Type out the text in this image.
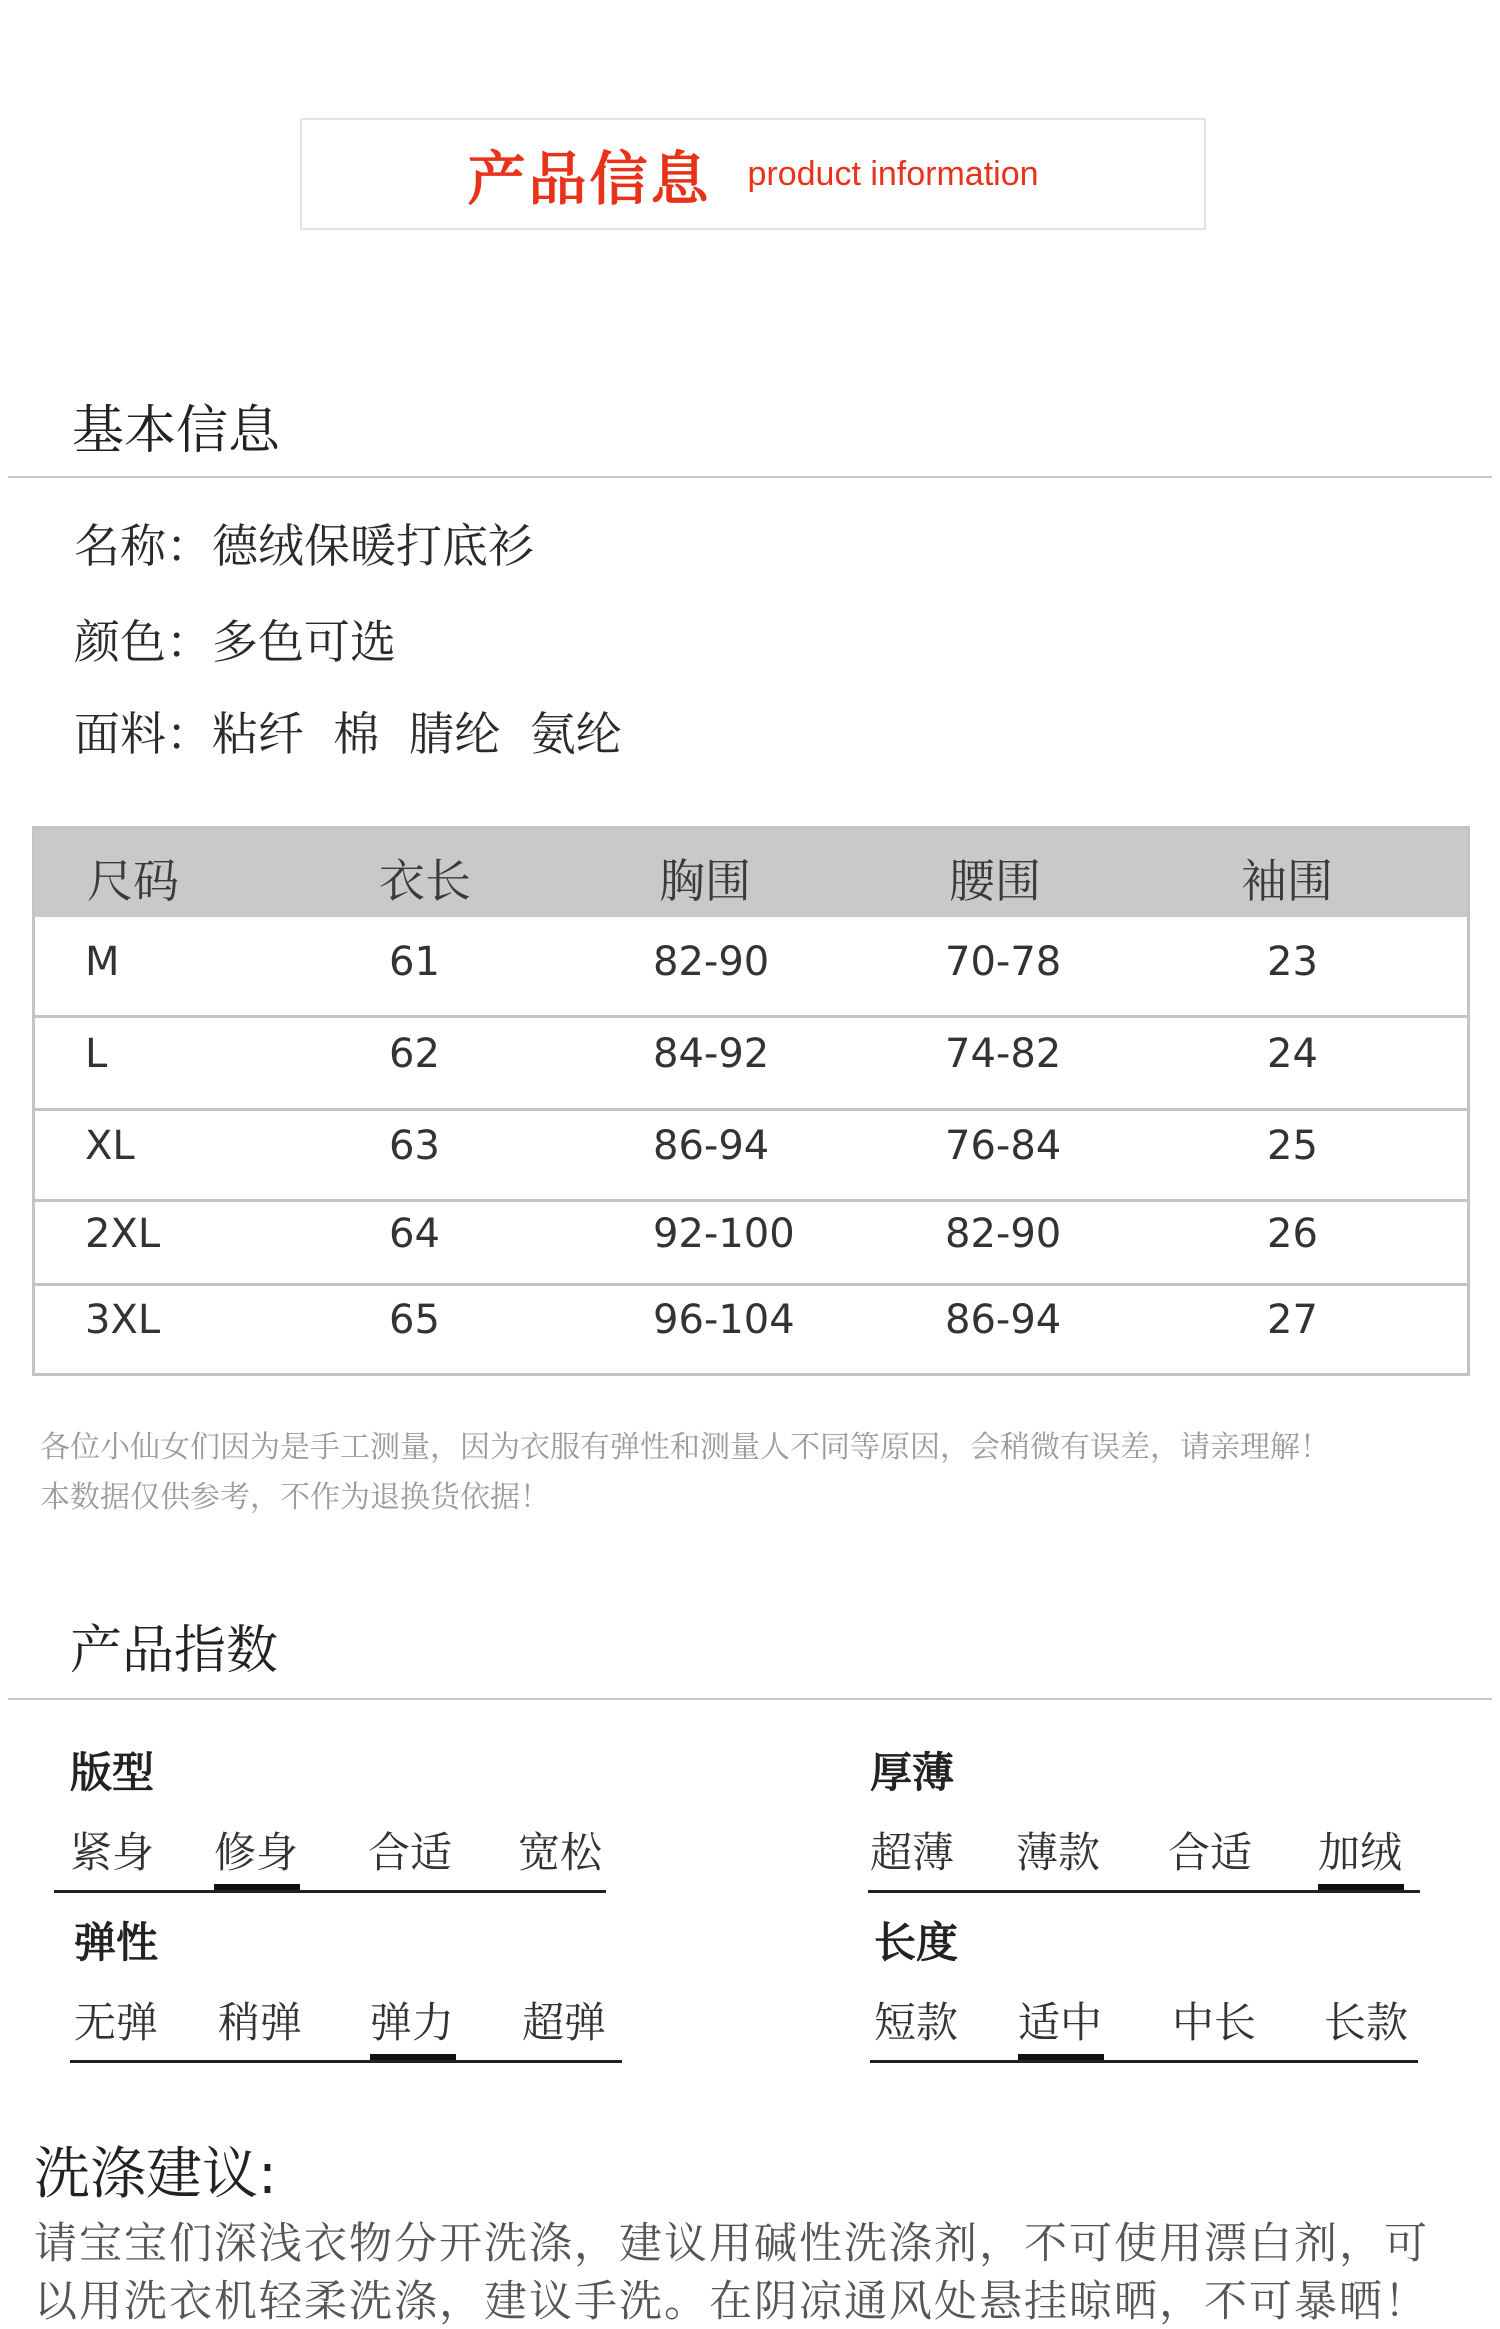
产品信息 product information
基本信息
名称：德绒保暖打底衫
颜色：多色可选
面料：粘纤  棉  腈纶  氨纶
尺码	衣长	胸围	腰围	袖围
M	61	82-90	70-78	23
L	62	84-92	74-82	24
XL	63	86-94	76-84	25
2XL	64	92-100	82-90	26
3XL	65	96-104	86-94	27
各位小仙女们因为是手工测量，因为衣服有弹性和测量人不同等原因，会稍微有误差，请亲理解！
本数据仅供参考，不作为退换货依据！
产品指数
版型
紧身 修身 合适 宽松
厚薄
超薄 薄款 合适 加绒
弹性
无弹 稍弹 弹力 超弹
长度
短款 适中 中长 长款
洗涤建议:
请宝宝们深浅衣物分开洗涤，建议用碱性洗涤剂，不可使用漂白剂，可
以用洗衣机轻柔洗涤，建议手洗。在阴凉通风处悬挂晾晒，不可暴晒！
